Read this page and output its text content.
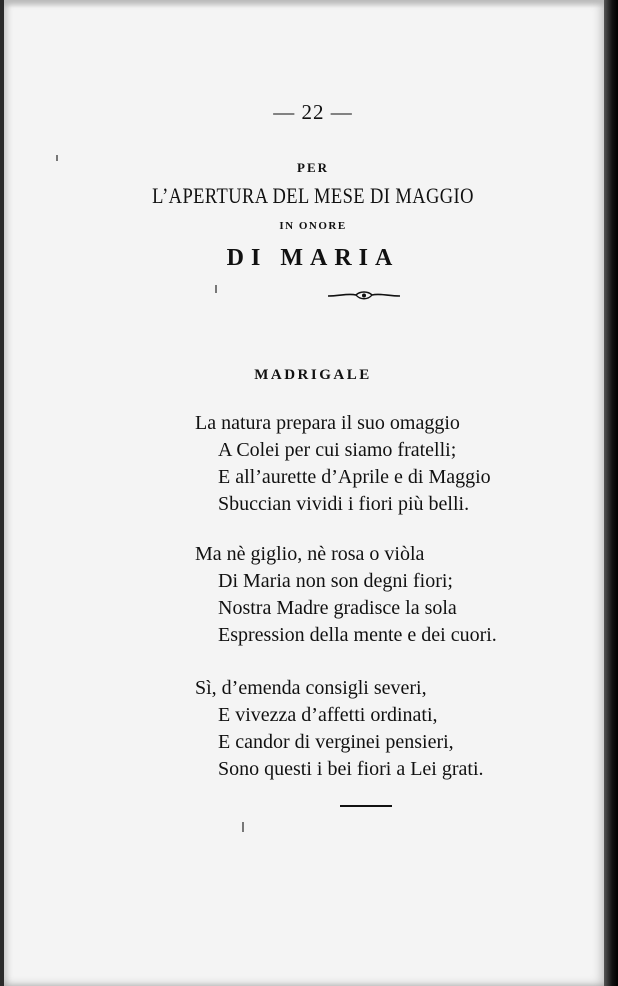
— 22 —
PER
L’APERTURA DEL MESE DI MAGGIO
IN ONORE
DI MARIA
MADRIGALE
La natura prepara il suo omaggio
A Colei per cui siamo fratelli;
E all’aurette d’Aprile e di Maggio
Sbuccian vividi i fiori più belli.
Ma nè giglio, nè rosa o viòla
Di Maria non son degni fiori;
Nostra Madre gradisce la sola
Espression della mente e dei cuori.
Sì, d’emenda consigli severi,
E vivezza d’affetti ordinati,
E candor di verginei pensieri,
Sono questi i bei fiori a Lei grati.
